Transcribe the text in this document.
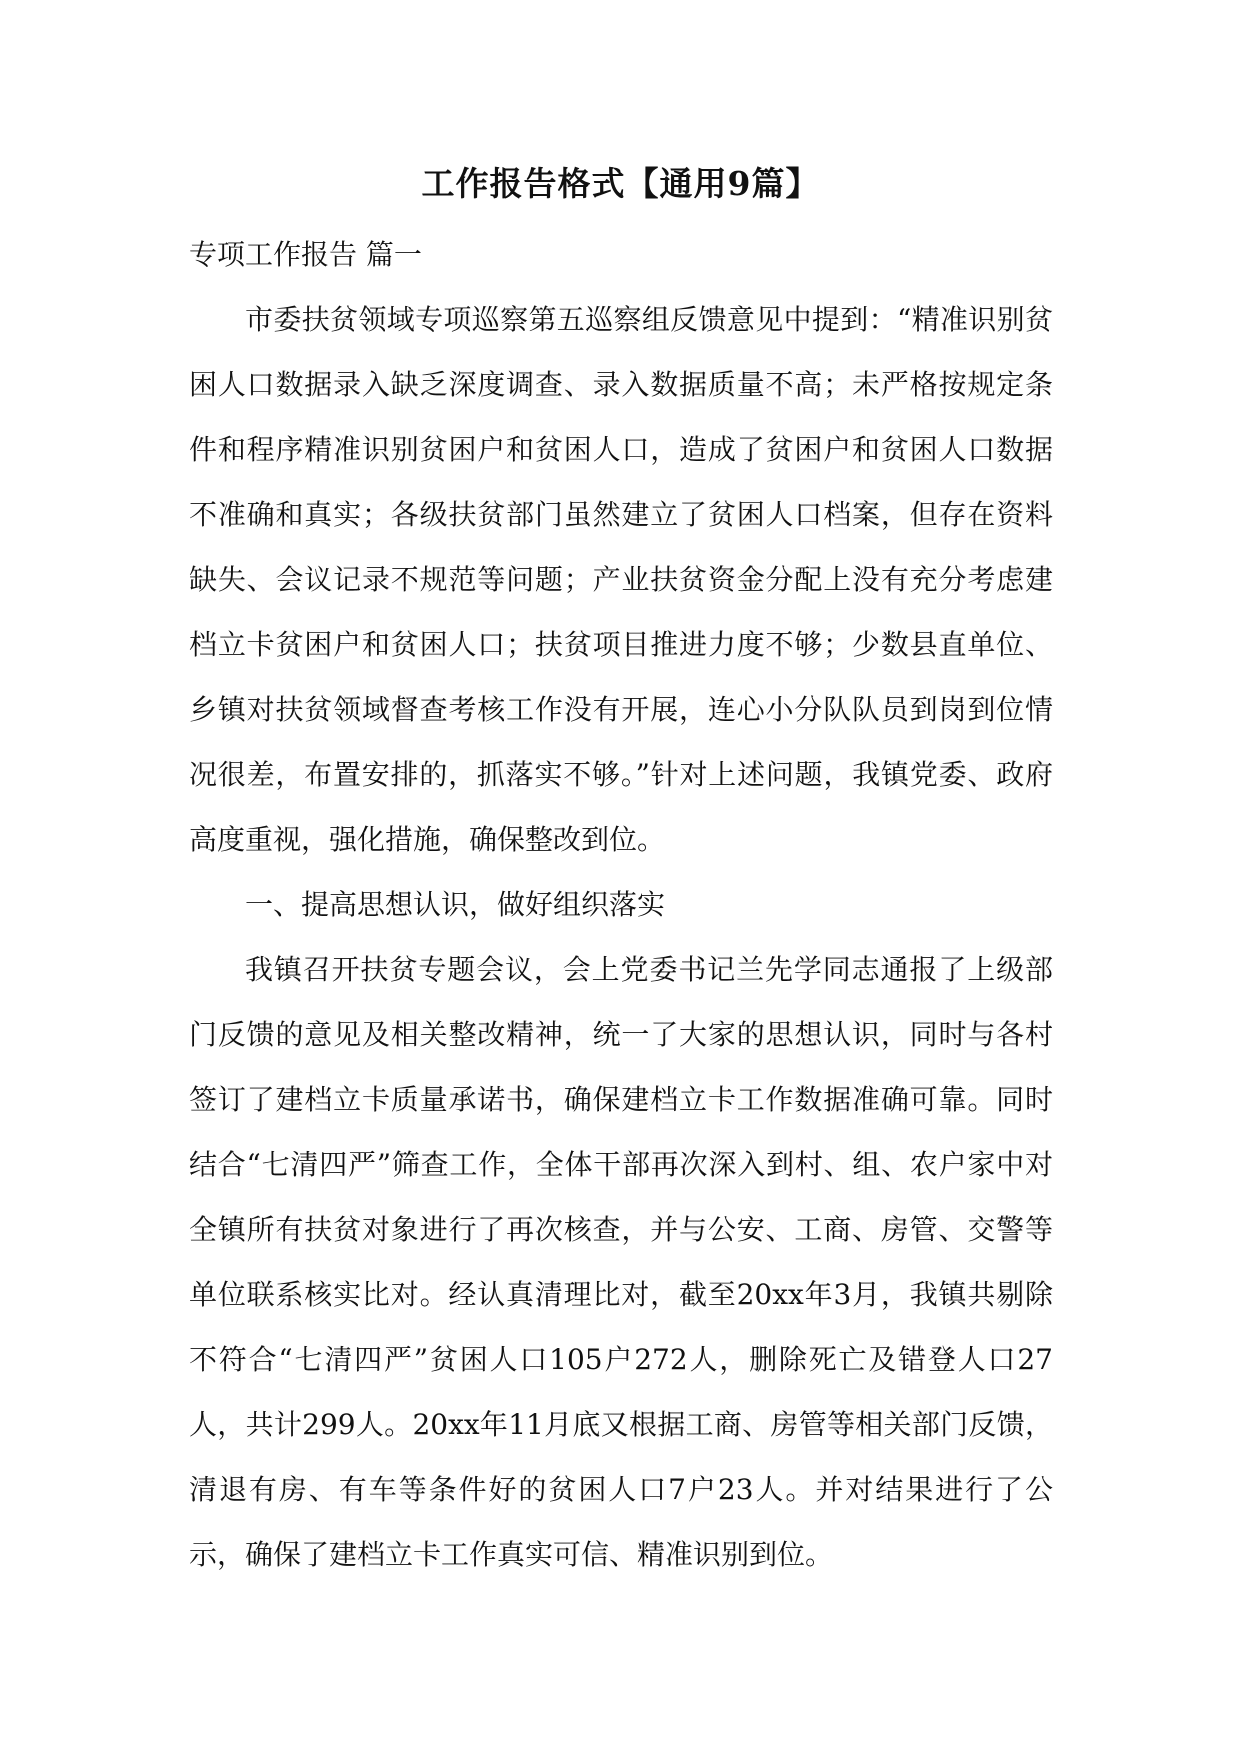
工作报告格式【通用9篇】

专项工作报告 篇一

市委扶贫领域专项巡察第五巡察组反馈意见中提到：“精准识别贫困人口数据录入缺乏深度调查、录入数据质量不高；未严格按规定条件和程序精准识别贫困户和贫困人口，造成了贫困户和贫困人口数据不准确和真实；各级扶贫部门虽然建立了贫困人口档案，但存在资料缺失、会议记录不规范等问题；产业扶贫资金分配上没有充分考虑建档立卡贫困户和贫困人口；扶贫项目推进力度不够；少数县直单位、乡镇对扶贫领域督查考核工作没有开展，连心小分队队员到岗到位情况很差，布置安排的，抓落实不够。”针对上述问题，我镇党委、政府高度重视，强化措施，确保整改到位。

一、提高思想认识，做好组织落实

我镇召开扶贫专题会议，会上党委书记兰先学同志通报了上级部门反馈的意见及相关整改精神，统一了大家的思想认识，同时与各村签订了建档立卡质量承诺书，确保建档立卡工作数据准确可靠。同时结合“七清四严”筛查工作，全体干部再次深入到村、组、农户家中对全镇所有扶贫对象进行了再次核查，并与公安、工商、房管、交警等单位联系核实比对。经认真清理比对，截至20xx年3月，我镇共剔除不符合“七清四严”贫困人口105户272人，删除死亡及错登人口27人，共计299人。20xx年11月底又根据工商、房管等相关部门反馈，清退有房、有车等条件好的贫困人口7户23人。并对结果进行了公示，确保了建档立卡工作真实可信、精准识别到位。
